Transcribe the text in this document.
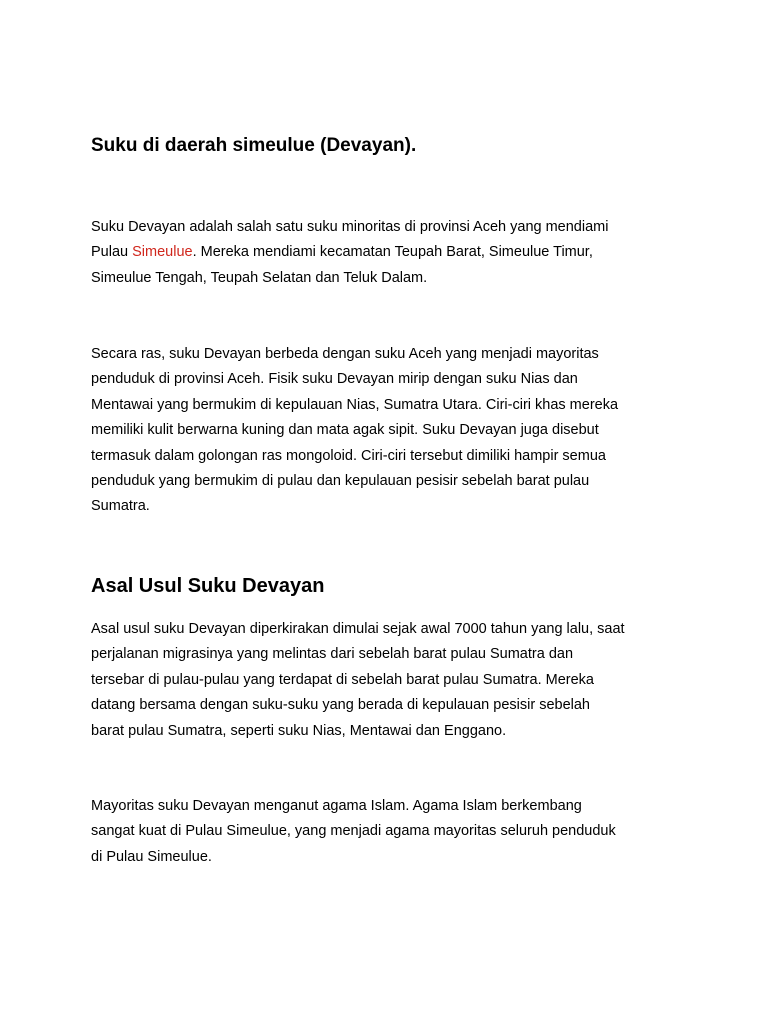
Suku di daerah simeulue (Devayan).

Suku Devayan adalah salah satu suku minoritas di provinsi Aceh yang mendiami
Pulau Simeulue. Mereka mendiami kecamatan Teupah Barat, Simeulue Timur,
Simeulue Tengah, Teupah Selatan dan Teluk Dalam.

Secara ras, suku Devayan berbeda dengan suku Aceh yang menjadi mayoritas
penduduk di provinsi Aceh. Fisik suku Devayan mirip dengan suku Nias dan
Mentawai yang bermukim di kepulauan Nias, Sumatra Utara. Ciri-ciri khas mereka
memiliki kulit berwarna kuning dan mata agak sipit. Suku Devayan juga disebut
termasuk dalam golongan ras mongoloid. Ciri-ciri tersebut dimiliki hampir semua
penduduk yang bermukim di pulau dan kepulauan pesisir sebelah barat pulau
Sumatra.

Asal Usul Suku Devayan

Asal usul suku Devayan diperkirakan dimulai sejak awal 7000 tahun yang lalu, saat
perjalanan migrasinya yang melintas dari sebelah barat pulau Sumatra dan
tersebar di pulau-pulau yang terdapat di sebelah barat pulau Sumatra. Mereka
datang bersama dengan suku-suku yang berada di kepulauan pesisir sebelah
barat pulau Sumatra, seperti suku Nias, Mentawai dan Enggano.

Mayoritas suku Devayan menganut agama Islam. Agama Islam berkembang
sangat kuat di Pulau Simeulue, yang menjadi agama mayoritas seluruh penduduk
di Pulau Simeulue.
